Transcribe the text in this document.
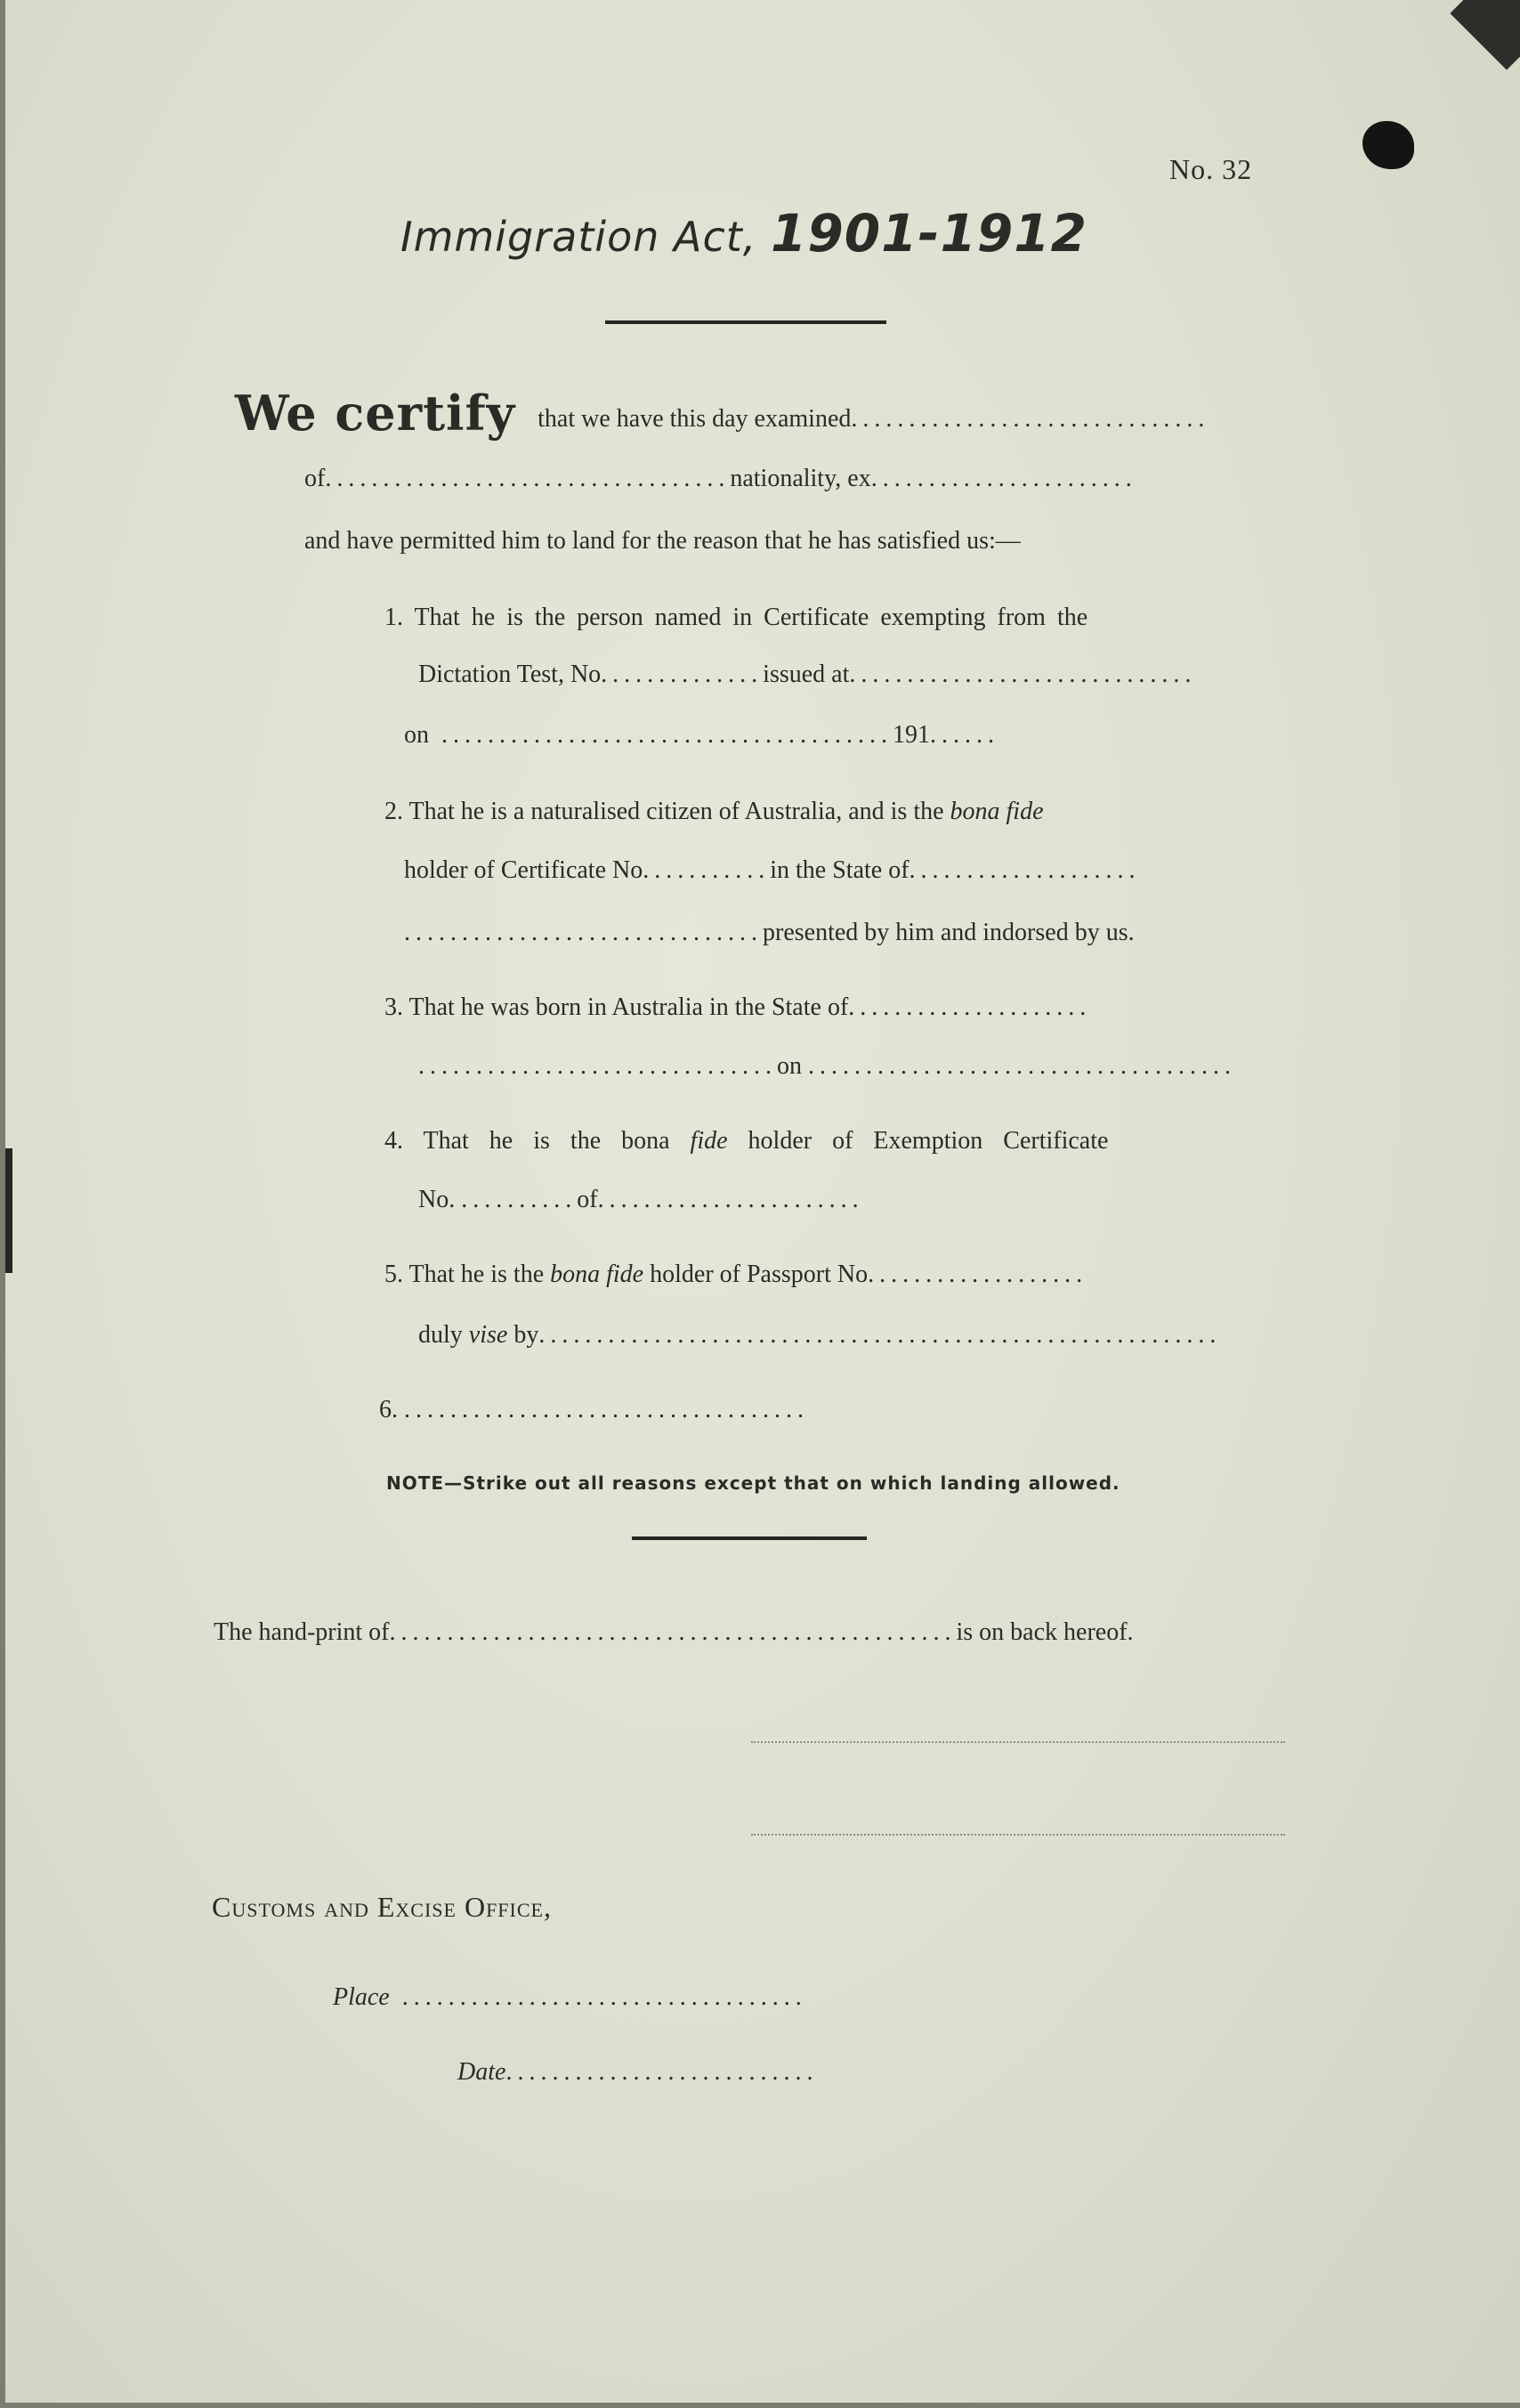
No. 32
Immigration Act, 1901-1912
We certify that we have this day examined...............................
of...................................nationality, ex.......................
and have permitted him to land for the reason that he has satisfied us:—
1. That he is the person named in Certificate exempting from the
Dictation Test, No..............issued at..............................
on .......................................191......
2. That he is a naturalised citizen of Australia, and is the bona fide
holder of Certificate No...........in the State of....................
...............................presented by him and indorsed by us.
3. That he was born in Australia in the State of.....................
...............................on .....................................
4. That he is the bona fide holder of Exemption Certificate
No. ..........of.......................
5. That he is the bona fide holder of Passport No...................
duly vise by...........................................................
6. ...................................
NOTE—Strike out all reasons except that on which landing allowed.
The hand-print of.................................................is on back hereof.
Customs and Excise Office,
Place ...................................
Date...........................
